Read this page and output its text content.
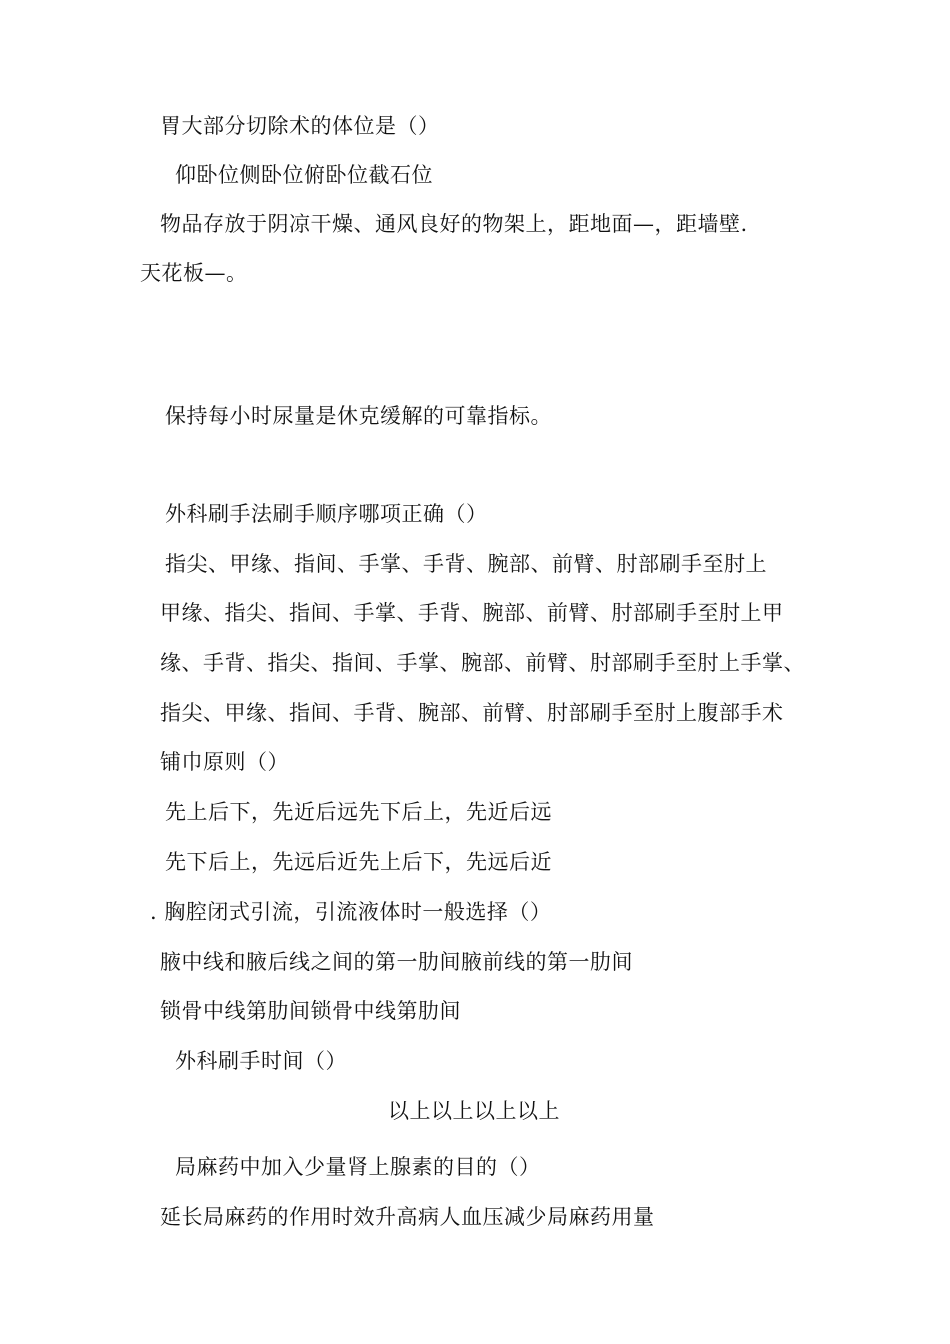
胃大部分切除术的体位是（）
仰卧位侧卧位俯卧位截石位
物品存放于阴凉干燥、通风良好的物架上，距地面—，距墙壁.
天花板—。
保持每小时尿量是休克缓解的可靠指标。
外科刷手法刷手顺序哪项正确（）
指尖、甲缘、指间、手掌、手背、腕部、前臂、肘部刷手至肘上
甲缘、指尖、指间、手掌、手背、腕部、前臂、肘部刷手至肘上甲
缘、手背、指尖、指间、手掌、腕部、前臂、肘部刷手至肘上手掌、
指尖、甲缘、指间、手背、腕部、前臂、肘部刷手至肘上腹部手术
铺巾原则（）
先上后下，先近后远先下后上，先近后远
先下后上，先远后近先上后下，先远后近
. 胸腔闭式引流，引流液体时一般选择（）
腋中线和腋后线之间的第一肋间腋前线的第一肋间
锁骨中线第肋间锁骨中线第肋间
外科刷手时间（）
以上以上以上以上
局麻药中加入少量肾上腺素的目的（）
延长局麻药的作用时效升高病人血压减少局麻药用量
